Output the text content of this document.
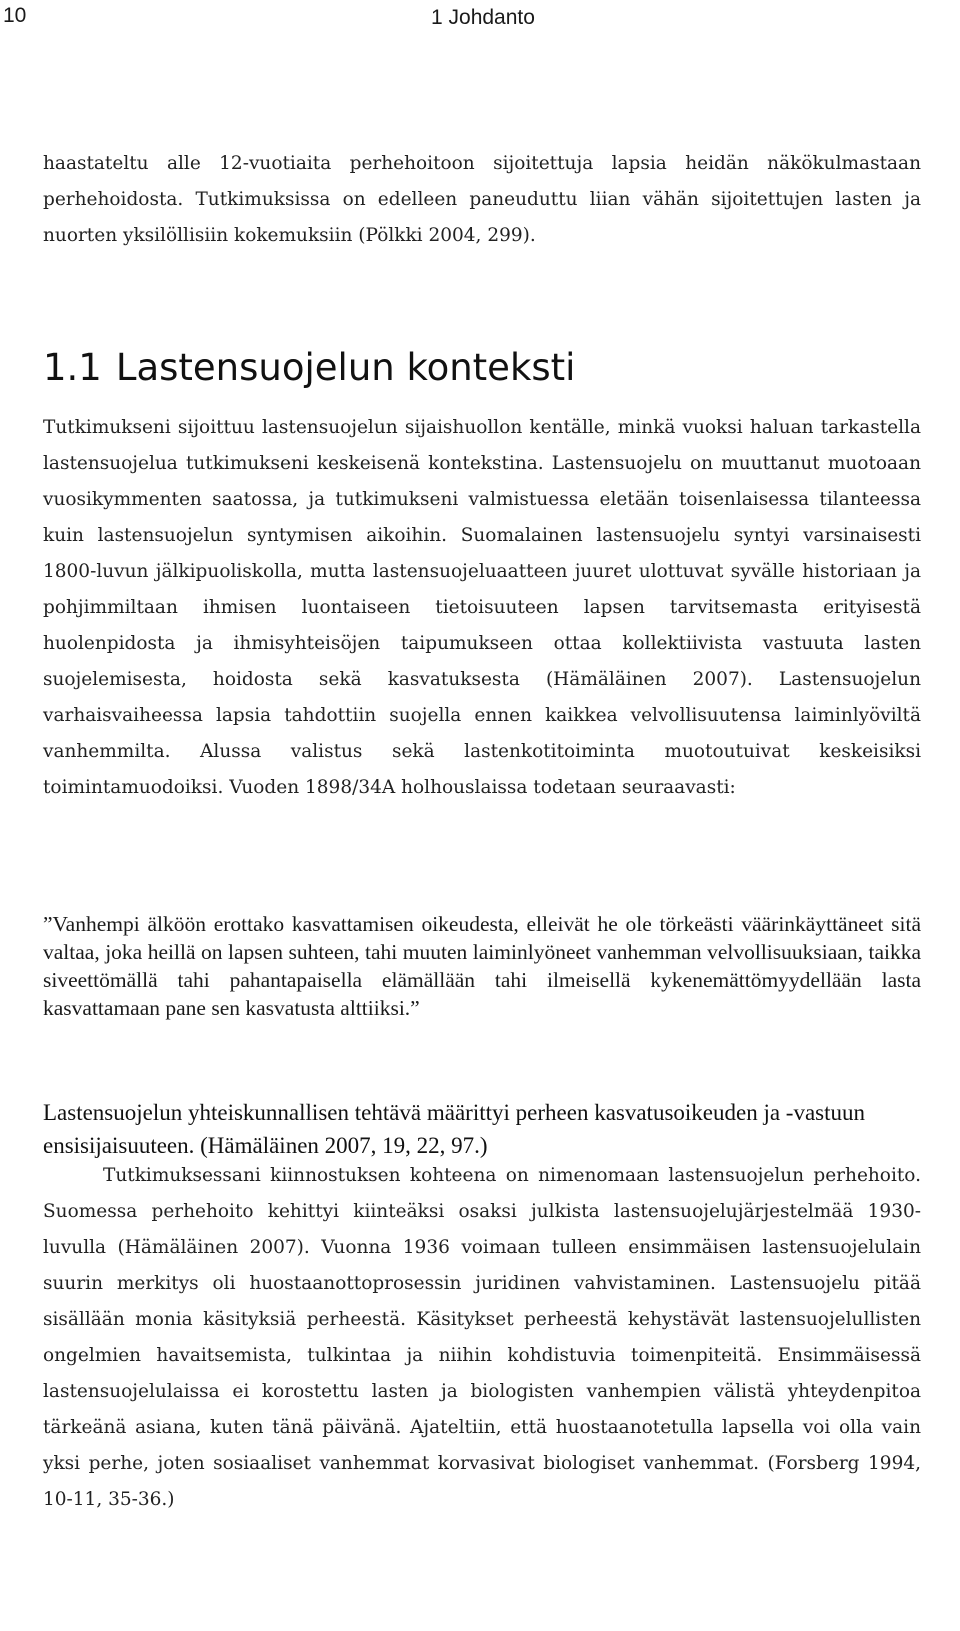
10	1 Johdanto

haastateltu alle 12-vuotiaita perhehoitoon sijoitettuja lapsia heidän näkökulmastaan perhehoidosta. Tutkimuksissa on edelleen paneuduttu liian vähän sijoitettujen lasten ja nuorten yksilöllisiin kokemuksiin (Pölkki 2004, 299).

1.1 Lastensuojelun konteksti

Tutkimukseni sijoittuu lastensuojelun sijaishuollon kentälle, minkä vuoksi haluan tarkastella lastensuojelua tutkimukseni keskeisenä kontekstina. Lastensuojelu on muuttanut muotoaan vuosikymmenten saatossa, ja tutkimukseni valmistuessa eletään toisenlaisessa tilanteessa kuin lastensuojelun syntymisen aikoihin. Suomalainen lastensuojelu syntyi varsinaisesti 1800-luvun jälkipuoliskolla, mutta lastensuojeluaatteen juuret ulottuvat syvälle historiaan ja pohjimmiltaan ihmisen luontaiseen tietoisuuteen lapsen tarvitsemasta erityisestä huolenpidosta ja ihmisyhteisöjen taipumukseen ottaa kollektiivista vastuuta lasten suojelemisesta, hoidosta sekä kasvatuksesta (Hämäläinen 2007). Lastensuojelun varhaisvaiheessa lapsia tahdottiin suojella ennen kaikkea velvollisuutensa laiminlyöviltä vanhemmilta. Alussa valistus sekä lastenkotitoiminta muotoutuivat keskeisiksi toimintamuodoiksi. Vuoden 1898/34A holhouslaissa todetaan seuraavasti:

”Vanhempi älköön erottako kasvattamisen oikeudesta, elleivät he ole törkeästi väärinkäyttäneet sitä valtaa, joka heillä on lapsen suhteen, tahi muuten laiminlyöneet vanhemman velvollisuuksiaan, taikka siveettömällä tahi pahantapaisella elämällään tahi ilmeisellä kykenemättömyydellään lasta kasvattamaan pane sen kasvatusta alttiiksi.”

Lastensuojelun yhteiskunnallisen tehtävä määrittyi perheen kasvatusoikeuden ja -vastuun ensisijaisuuteen. (Hämäläinen 2007, 19, 22, 97.)

Tutkimuksessani kiinnostuksen kohteena on nimenomaan lastensuojelun perhehoito. Suomessa perhehoito kehittyi kiinteäksi osaksi julkista lastensuojelujärjestelmää 1930-luvulla (Hämäläinen 2007). Vuonna 1936 voimaan tulleen ensimmäisen lastensuojelulain suurin merkitys oli huostaanottoprosessin juridinen vahvistaminen. Lastensuojelu pitää sisällään monia käsityksiä perheestä. Käsitykset perheestä kehystävät lastensuojelullisten ongelmien havaitsemista, tulkintaa ja niihin kohdistuvia toimenpiteitä. Ensimmäisessä lastensuojelulaissa ei korostettu lasten ja biologisten vanhempien välistä yhteydenpitoa tärkeänä asiana, kuten tänä päivänä. Ajateltiin, että huostaanotetulla lapsella voi olla vain yksi perhe, joten sosiaaliset vanhemmat korvasivat biologiset vanhemmat. (Forsberg 1994, 10-11, 35-36.)
